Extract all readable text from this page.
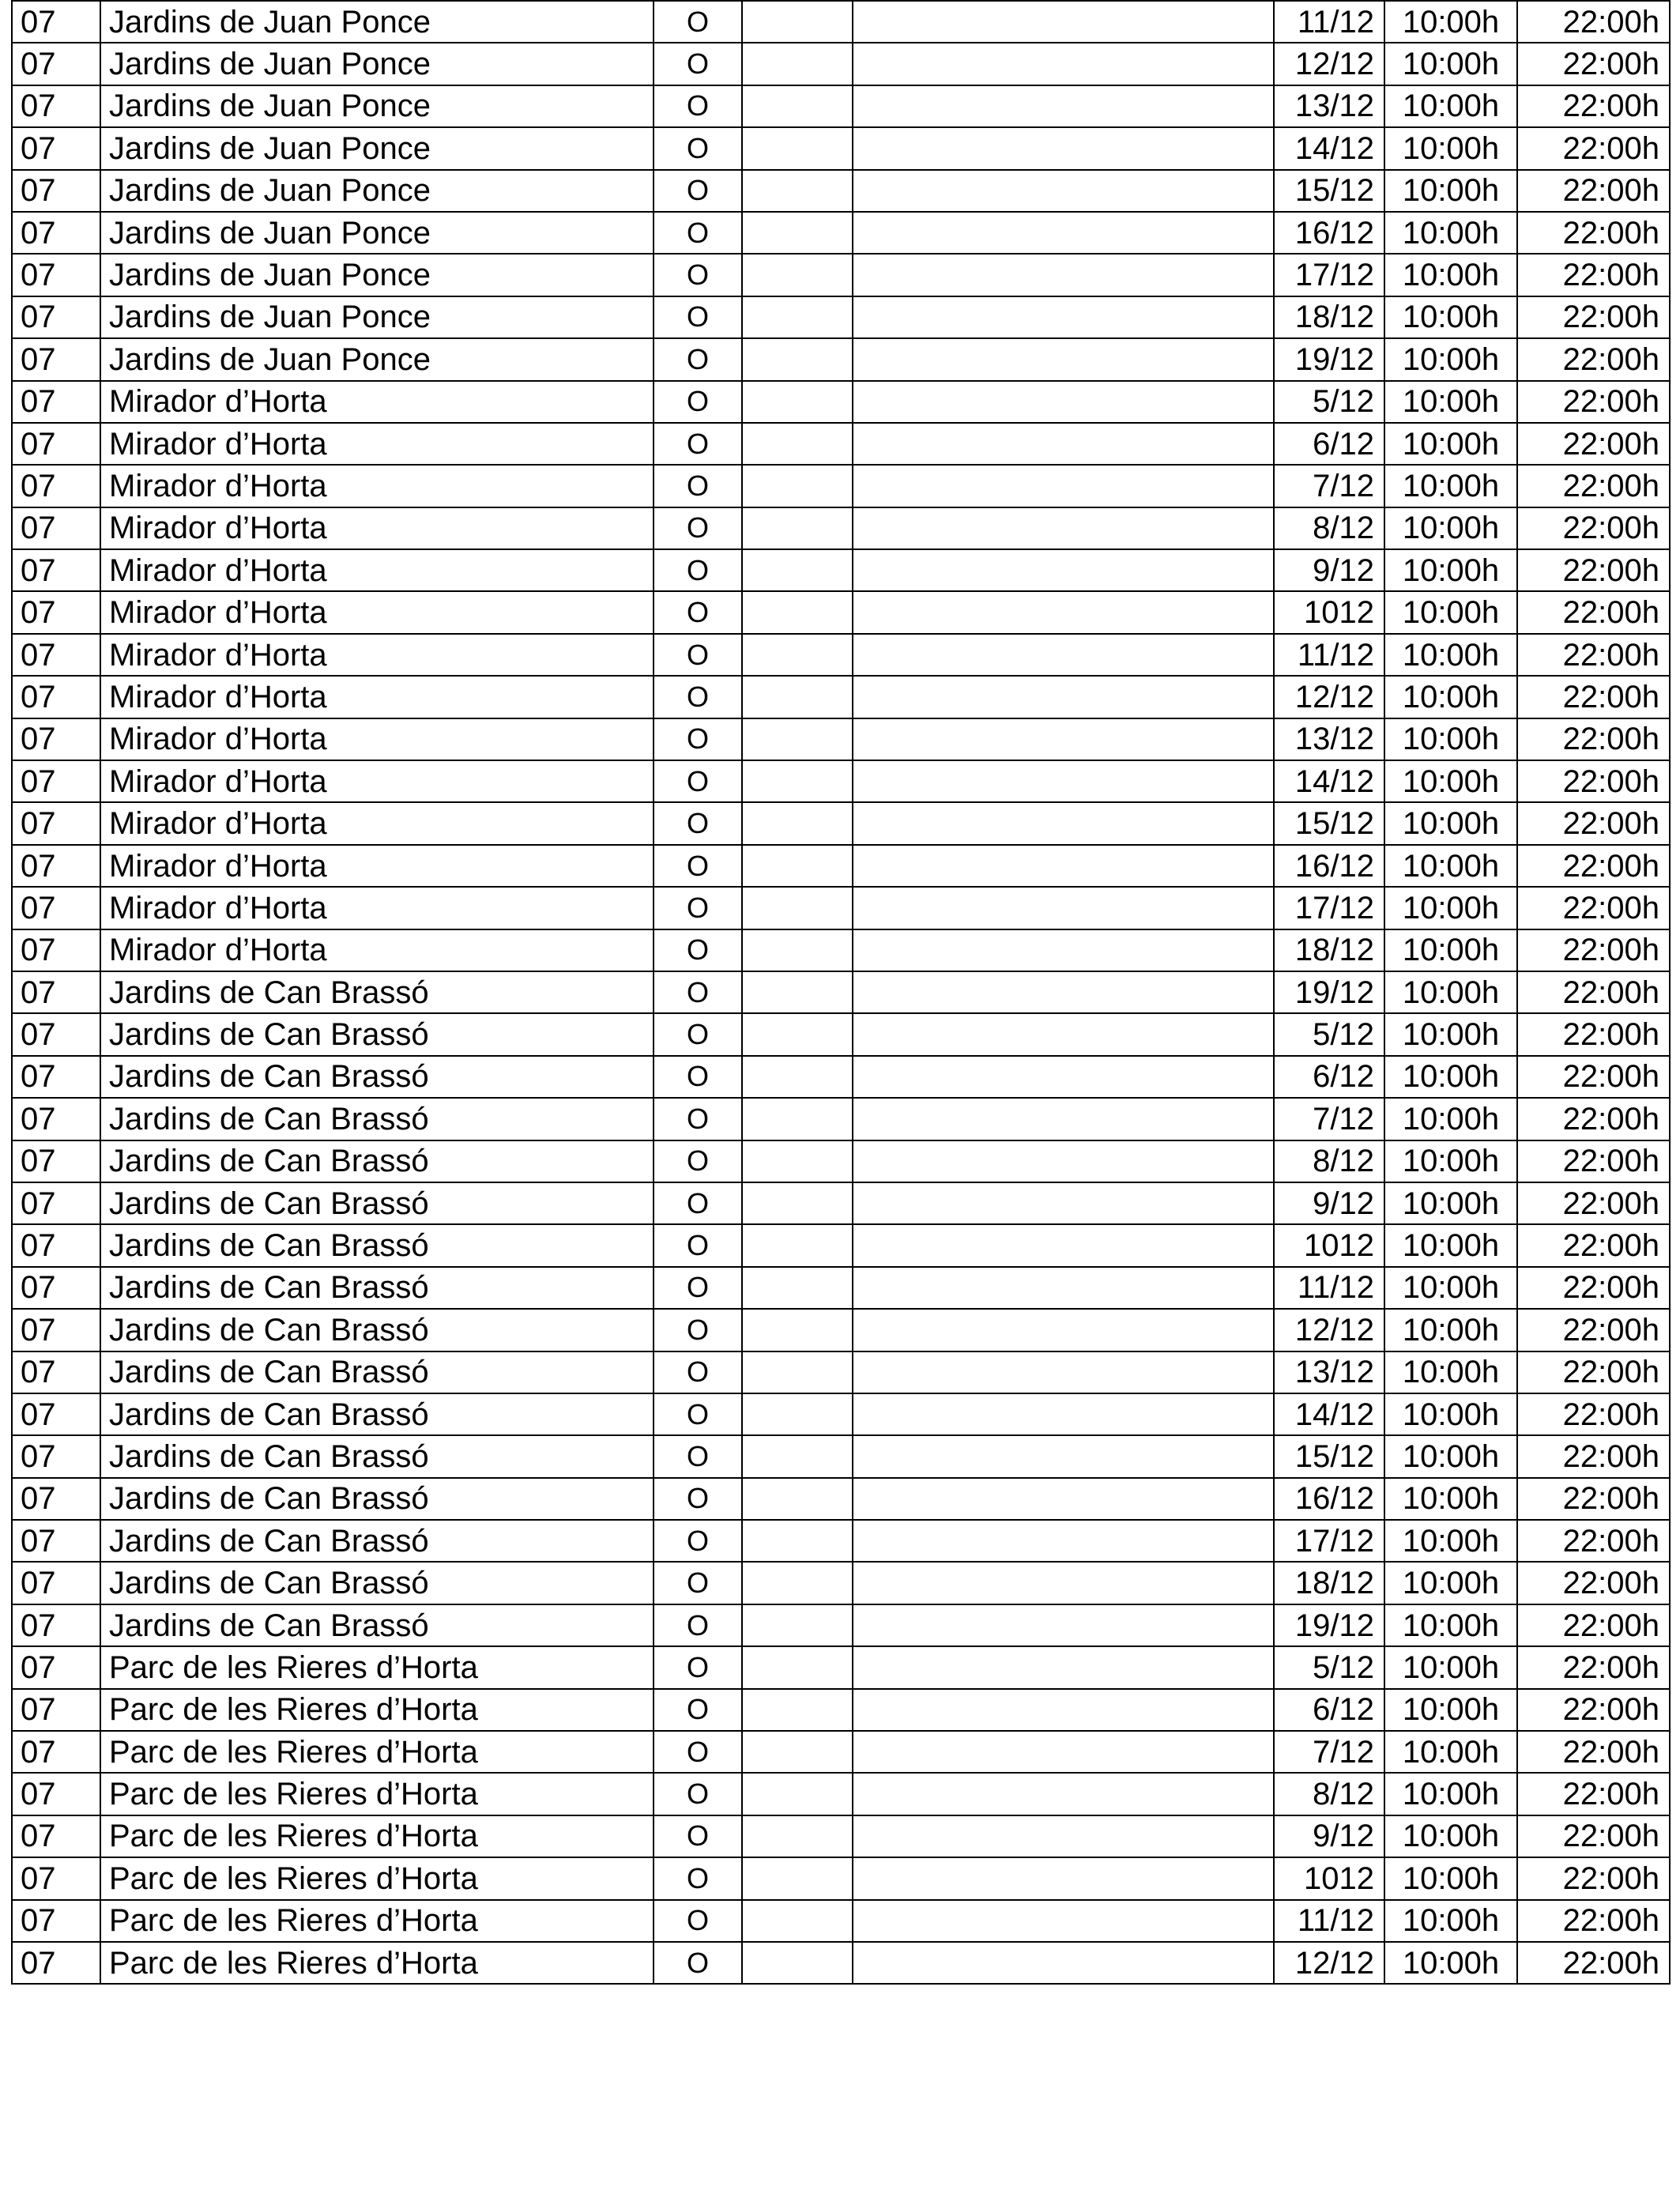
07	Jardins de Juan Ponce	O			11/12	10:00h	22:00h
07	Jardins de Juan Ponce	O			12/12	10:00h	22:00h
07	Jardins de Juan Ponce	O			13/12	10:00h	22:00h
07	Jardins de Juan Ponce	O			14/12	10:00h	22:00h
07	Jardins de Juan Ponce	O			15/12	10:00h	22:00h
07	Jardins de Juan Ponce	O			16/12	10:00h	22:00h
07	Jardins de Juan Ponce	O			17/12	10:00h	22:00h
07	Jardins de Juan Ponce	O			18/12	10:00h	22:00h
07	Jardins de Juan Ponce	O			19/12	10:00h	22:00h
07	Mirador d’Horta	O			5/12	10:00h	22:00h
07	Mirador d’Horta	O			6/12	10:00h	22:00h
07	Mirador d’Horta	O			7/12	10:00h	22:00h
07	Mirador d’Horta	O			8/12	10:00h	22:00h
07	Mirador d’Horta	O			9/12	10:00h	22:00h
07	Mirador d’Horta	O			1012	10:00h	22:00h
07	Mirador d’Horta	O			11/12	10:00h	22:00h
07	Mirador d’Horta	O			12/12	10:00h	22:00h
07	Mirador d’Horta	O			13/12	10:00h	22:00h
07	Mirador d’Horta	O			14/12	10:00h	22:00h
07	Mirador d’Horta	O			15/12	10:00h	22:00h
07	Mirador d’Horta	O			16/12	10:00h	22:00h
07	Mirador d’Horta	O			17/12	10:00h	22:00h
07	Mirador d’Horta	O			18/12	10:00h	22:00h
07	Jardins de Can Brassó	O			19/12	10:00h	22:00h
07	Jardins de Can Brassó	O			5/12	10:00h	22:00h
07	Jardins de Can Brassó	O			6/12	10:00h	22:00h
07	Jardins de Can Brassó	O			7/12	10:00h	22:00h
07	Jardins de Can Brassó	O			8/12	10:00h	22:00h
07	Jardins de Can Brassó	O			9/12	10:00h	22:00h
07	Jardins de Can Brassó	O			1012	10:00h	22:00h
07	Jardins de Can Brassó	O			11/12	10:00h	22:00h
07	Jardins de Can Brassó	O			12/12	10:00h	22:00h
07	Jardins de Can Brassó	O			13/12	10:00h	22:00h
07	Jardins de Can Brassó	O			14/12	10:00h	22:00h
07	Jardins de Can Brassó	O			15/12	10:00h	22:00h
07	Jardins de Can Brassó	O			16/12	10:00h	22:00h
07	Jardins de Can Brassó	O			17/12	10:00h	22:00h
07	Jardins de Can Brassó	O			18/12	10:00h	22:00h
07	Jardins de Can Brassó	O			19/12	10:00h	22:00h
07	Parc de les Rieres d’Horta	O			5/12	10:00h	22:00h
07	Parc de les Rieres d’Horta	O			6/12	10:00h	22:00h
07	Parc de les Rieres d’Horta	O			7/12	10:00h	22:00h
07	Parc de les Rieres d’Horta	O			8/12	10:00h	22:00h
07	Parc de les Rieres d’Horta	O			9/12	10:00h	22:00h
07	Parc de les Rieres d’Horta	O			1012	10:00h	22:00h
07	Parc de les Rieres d’Horta	O			11/12	10:00h	22:00h
07	Parc de les Rieres d’Horta	O			12/12	10:00h	22:00h
